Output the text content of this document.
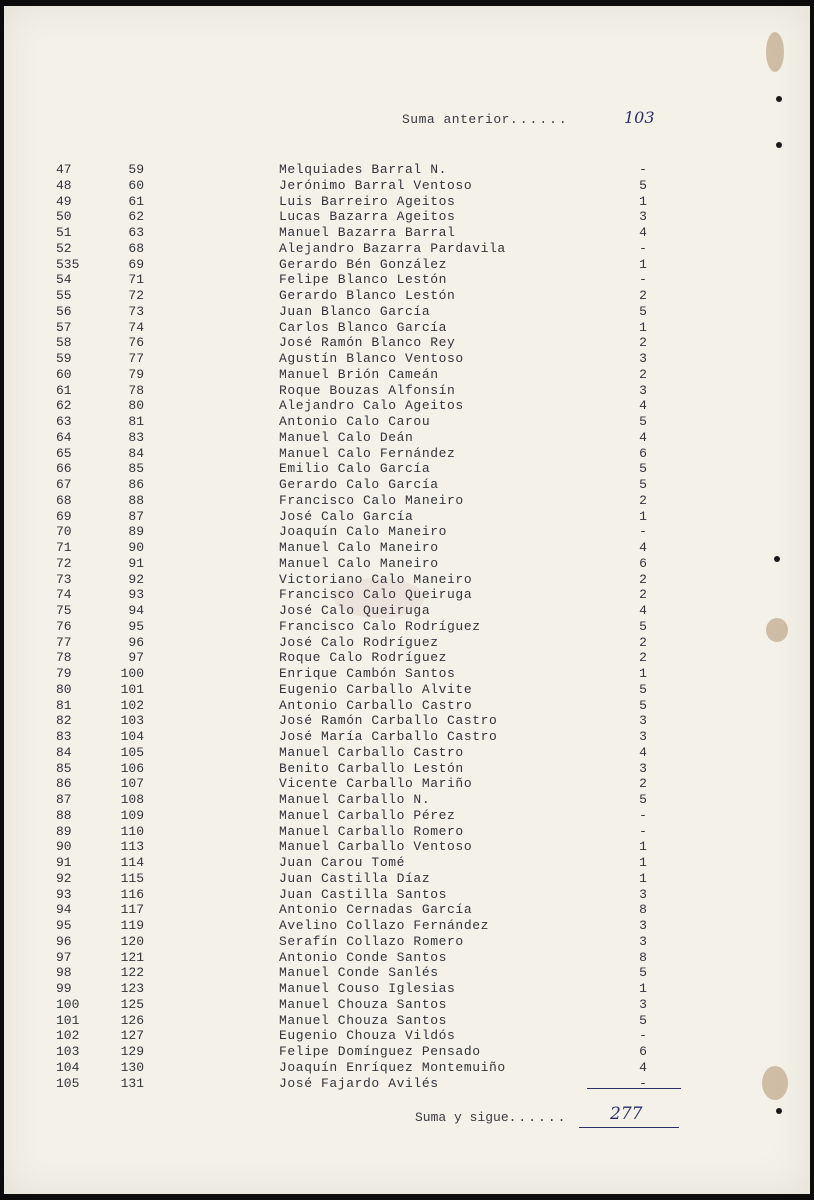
Suma anterior......	103
47	59	Melquiades Barral N.	-
48	60	Jerónimo Barral Ventoso	5
49	61	Luis Barreiro Ageitos	1
50	62	Lucas Bazarra Ageitos	3
51	63	Manuel Bazarra Barral	4
52	68	Alejandro Bazarra Pardavila	-
535	69	Gerardo Bén González	1
54	71	Felipe Blanco Lestón	-
55	72	Gerardo Blanco Lestón	2
56	73	Juan Blanco García	5
57	74	Carlos Blanco García	1
58	76	José Ramón Blanco Rey	2
59	77	Agustín Blanco Ventoso	3
60	79	Manuel Brión Cameán	2
61	78	Roque Bouzas Alfonsín	3
62	80	Alejandro Calo Ageitos	4
63	81	Antonio Calo Carou	5
64	83	Manuel Calo Deán	4
65	84	Manuel Calo Fernández	6
66	85	Emilio Calo García	5
67	86	Gerardo Calo García	5
68	88	Francisco Calo Maneiro	2
69	87	José Calo García	1
70	89	Joaquín Calo Maneiro	-
71	90	Manuel Calo Maneiro	4
72	91	Manuel Calo Maneiro	6
73	92	Victoriano Calo Maneiro	2
74	93	Francisco Calo Queiruga	2
75	94	José Calo Queiruga	4
76	95	Francisco Calo Rodríguez	5
77	96	José Calo Rodríguez	2
78	97	Roque Calo Rodríguez	2
79	100	Enrique Cambón Santos	1
80	101	Eugenio Carballo Alvite	5
81	102	Antonio Carballo Castro	5
82	103	José Ramón Carballo Castro	3
83	104	José María Carballo Castro	3
84	105	Manuel Carballo Castro	4
85	106	Benito Carballo Lestón	3
86	107	Vicente Carballo Mariño	2
87	108	Manuel Carballo N.	5
88	109	Manuel Carballo Pérez	-
89	110	Manuel Carballo Romero	-
90	113	Manuel Carballo Ventoso	1
91	114	Juan Carou Tomé	1
92	115	Juan Castilla Díaz	1
93	116	Juan Castilla Santos	3
94	117	Antonio Cernadas García	8
95	119	Avelino Collazo Fernández	3
96	120	Serafín Collazo Romero	3
97	121	Antonio Conde Santos	8
98	122	Manuel Conde Sanlés	5
99	123	Manuel Couso Iglesias	1
100	125	Manuel Chouza Santos	3
101	126	Manuel Chouza Santos	5
102	127	Eugenio Chouza Vildós	-
103	129	Felipe Domínguez Pensado	6
104	130	Joaquín Enríquez Montemuiño	4
105	131	José Fajardo Avilés	-
Suma y sigue......	277
